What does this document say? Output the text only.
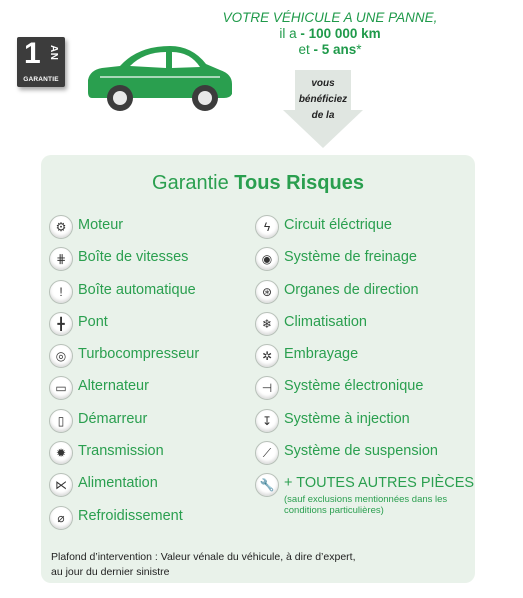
1 AN
GARANTIE
VOTRE VÉHICULE A UNE PANNE,
il a - 100 000 km
et - 5 ans*
vous
bénéficiez
de la
Garantie Tous Risques
⚙ Moteur
⋕ Boîte de vitesses
!	Boîte automatique
╋ Pont
◎ Turbocompresseur
▭ Alternateur
▯ Démarreur
✹ Transmission
⋉ Alimentation
⌀ Refroidissement
ϟ Circuit éléctrique
◉ Système de freinage
⊛ Organes de direction
❄ Climatisation
✲ Embrayage
⊣ Système électronique
↧ Système à injection
⟋ Système de suspension
🔧 + TOUTES AUTRES PIÈCES
(sauf exclusions mentionnées dans les conditions particulières)
Plafond d’intervention : Valeur vénale du véhicule, à dire d’expert,
au jour du dernier sinistre
